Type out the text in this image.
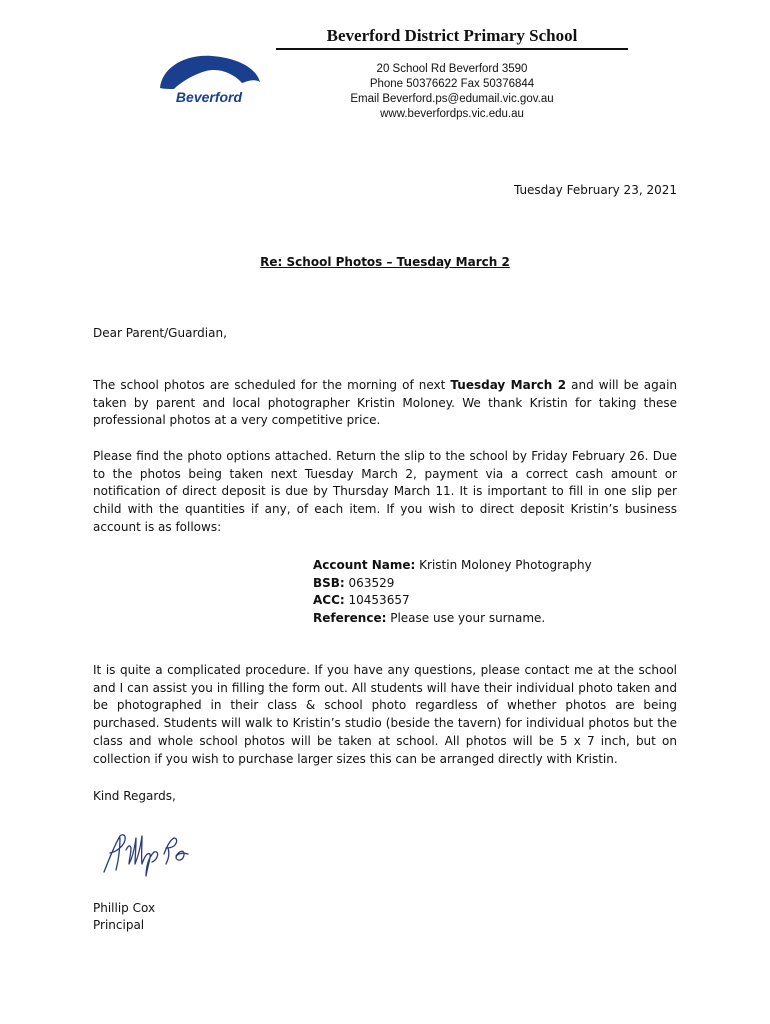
Beverford
Beverford District Primary School
20 School Rd Beverford 3590
Phone 50376622 Fax 50376844
Email Beverford.ps@edumail.vic.gov.au
www.beverfordps.vic.edu.au
Tuesday February 23, 2021
Re: School Photos – Tuesday March 2
Dear Parent/Guardian,
The school photos are scheduled for the morning of next Tuesday March 2 and will be again taken by parent and local photographer Kristin Moloney. We thank Kristin for taking these professional photos at a very competitive price.
Please find the photo options attached. Return the slip to the school by Friday February 26. Due to the photos being taken next Tuesday March 2, payment via a correct cash amount or notification of direct deposit is due by Thursday March 11. It is important to fill in one slip per child with the quantities if any, of each item. If you wish to direct deposit Kristin’s business account is as follows:
Account Name: Kristin Moloney Photography
BSB: 063529
ACC: 10453657
Reference: Please use your surname.
It is quite a complicated procedure. If you have any questions, please contact me at the school and I can assist you in filling the form out. All students will have their individual photo taken and be photographed in their class & school photo regardless of whether photos are being purchased. Students will walk to Kristin’s studio (beside the tavern) for individual photos but the class and whole school photos will be taken at school. All photos will be 5 x 7 inch, but on collection if you wish to purchase larger sizes this can be arranged directly with Kristin.
Kind Regards,
Phillip Cox
Principal
